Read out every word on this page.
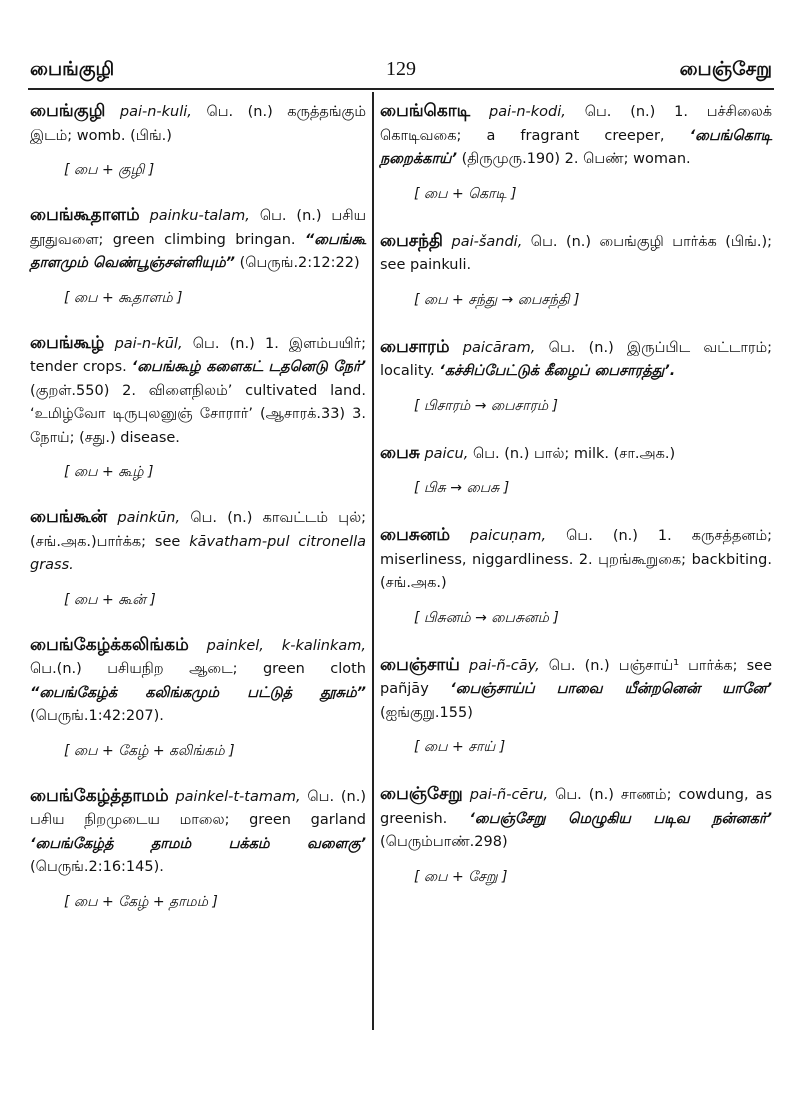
பைங்குழி	129	பைஞ்சேறு
பைங்குழி pai-n-kuli, பெ. (n.) கருத்தங்கும் இடம்; womb. (பிங்.)
[ பை + குழி ]
பைங்கூதாளம் painku-talam, பெ. (n.) பசிய தூதுவளை; green climbing bringan. “பைங்கூ தாளமும் வெண்பூஞ்சள்ளியும்” (பெருங்.2:12:22)
[ பை + கூதாளம் ]
பைங்கூழ் pai-n-kūl, பெ. (n.) 1. இளம்பயிர்; tender crops. ‘பைங்கூழ் களைகட் டதனெடு நேர்’ (குறள்.550) 2. விளைநிலம்’ cultivated land. ‘உமிழ்வோ டிருபுலனுஞ் சோரார்’ (ஆசாரக்.33) 3. நோய்; (சது.) disease.
[ பை + கூழ் ]
பைங்கூன் painkūn, பெ. (n.) காவட்டம் புல்;(சங்.அக.)பார்க்க; see kāvatham-pul citronella grass.
[ பை + கூன் ]
பைங்கேழ்க்கலிங்கம் painkel, k-kalinkam, பெ.(n.) பசியநிற ஆடை; green cloth “பைங்கேழ்க் கலிங்கமும் பட்டுத் தூசும்” (பெருங்.1:42:207).
[ பை + கேழ் + கலிங்கம் ]
பைங்கேழ்த்தாமம் painkel-t-tamam, பெ. (n.) பசிய நிறமுடைய மாலை; green garland ‘பைங்கேழ்த் தாமம் பக்கம் வளைகு’ (பெருங்.2:16:145).
[ பை + கேழ் + தாமம் ]
பைங்கொடி pai-n-kodi, பெ. (n.) 1. பச்சிலைக் கொடிவகை; a fragrant creeper, ‘பைங்கொடி நறைக்காய்’ (திருமுரு.190) 2. பெண்; woman.
[ பை + கொடி ]
பைசந்தி pai-šandi, பெ. (n.) பைங்குழி பார்க்க (பிங்.); see painkuli.
[ பை + சந்து → பைசந்தி ]
பைசாரம் paicāram, பெ. (n.) இருப்பிட வட்டாரம்; locality. ‘கச்சிப்பேட்டுக் கீழைப் பைசாரத்து’.
[ பிசாரம் → பைசாரம் ]
பைசு paicu, பெ. (n.) பால்; milk. (சா.அக.)
[ பிசு → பைசு ]
பைசுனம் paicuṇam, பெ. (n.) 1. கருசத்தனம்; miserliness, niggardliness. 2. புறங்கூறுகை; backbiting. (சங்.அக.)
[ பிசுனம் → பைசுனம் ]
பைஞ்சாய் pai-ñ-cāy, பெ. (n.) பஞ்சாய்¹ பார்க்க; see pañjāy ‘பைஞ்சாய்ப் பாவை யீன்றனென் யானே’ (ஐங்குறு.155)
[ பை + சாய் ]
பைஞ்சேறு pai-ñ-cēru, பெ. (n.) சாணம்; cowdung, as greenish. ‘பைஞ்சேறு மெழுகிய படிவ நன்னகர்’ (பெரும்பாண்.298)
[ பை + சேறு ]
